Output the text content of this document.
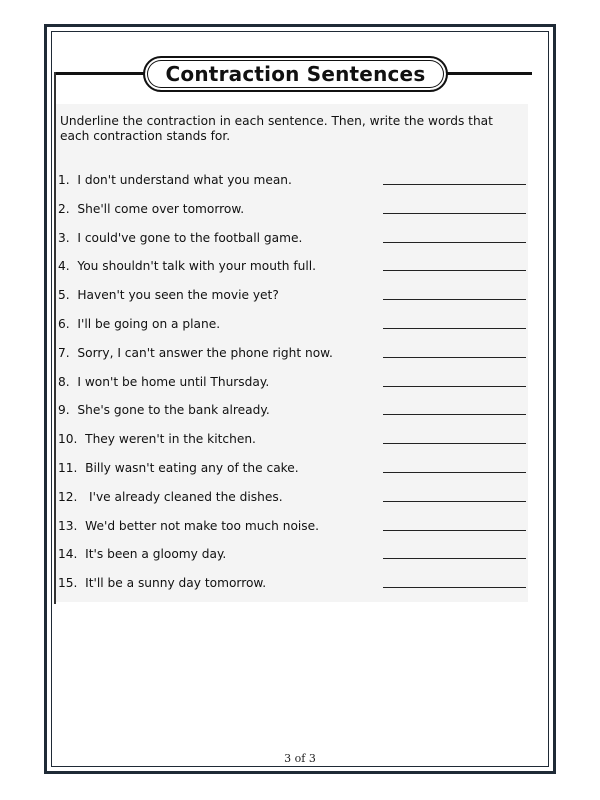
Contraction Sentences
Underline the contraction in each sentence. Then, write the words that each contraction stands for.
1.  I don't understand what you mean.
2.  She'll come over tomorrow.
3.  I could've gone to the football game.
4.  You shouldn't talk with your mouth full.
5.  Haven't you seen the movie yet?
6.  I'll be going on a plane.
7.  Sorry, I can't answer the phone right now.
8.  I won't be home until Thursday.
9.  She's gone to the bank already.
10.  They weren't in the kitchen.
11.  Billy wasn't eating any of the cake.
12.   I've already cleaned the dishes.
13.  We'd better not make too much noise.
14.  It's been a gloomy day.
15.  It'll be a sunny day tomorrow.
3 of 3
